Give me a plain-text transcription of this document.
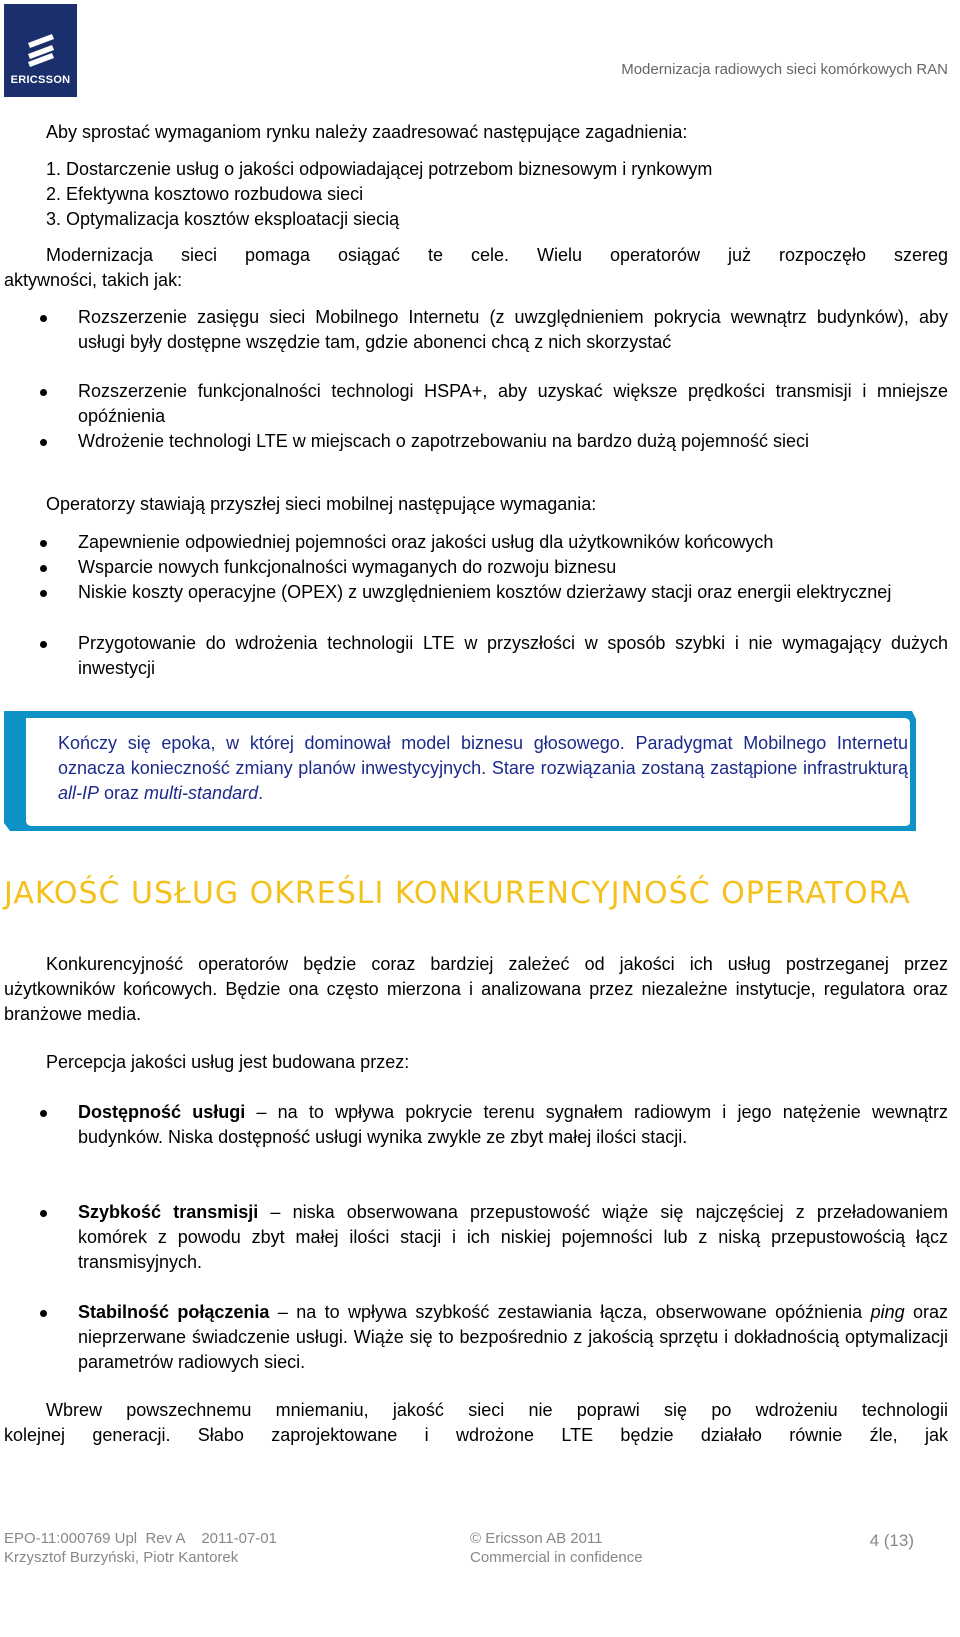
ERICSSON
Modernizacja radiowych sieci komórkowych RAN
Aby sprostać wymaganiom rynku należy zaadresować następujące zagadnienia:
1. Dostarczenie usług o jakości odpowiadającej potrzebom biznesowym i rynkowym
2. Efektywna kosztowo rozbudowa sieci
3. Optymalizacja kosztów eksploatacji siecią
Modernizacja sieci pomaga osiągać te cele. Wielu operatorów już rozpoczęło szereg
aktywności, takich jak:
Rozszerzenie zasięgu sieci Mobilnego Internetu (z uwzględnieniem pokrycia wewnątrz budynków), aby usługi były dostępne wszędzie tam, gdzie abonenci chcą z nich skorzystać
Rozszerzenie funkcjonalności technologi HSPA+, aby uzyskać większe prędkości transmisji i mniejsze opóźnienia
Wdrożenie technologi LTE w miejscach o zapotrzebowaniu na bardzo dużą pojemność sieci
Operatorzy stawiają przyszłej sieci mobilnej następujące wymagania:
Zapewnienie odpowiedniej pojemności oraz jakości usług dla użytkowników końcowych
Wsparcie nowych funkcjonalności wymaganych do rozwoju biznesu
Niskie koszty operacyjne (OPEX) z uwzględnieniem kosztów dzierżawy stacji oraz energii elektrycznej
Przygotowanie do wdrożenia technologii LTE w przyszłości w sposób szybki i nie wymagający dużych inwestycji
Kończy się epoka, w której dominował model biznesu głosowego. Paradygmat Mobilnego Internetu oznacza konieczność zmiany planów inwestycyjnych. Stare rozwiązania zostaną zastąpione infrastrukturą all-IP oraz multi-standard.
JAKOŚĆ USŁUG OKREŚLI KONKURENCYJNOŚĆ OPERATORA
Konkurencyjność operatorów będzie coraz bardziej zależeć od jakości ich usług postrzeganej przez użytkowników końcowych. Będzie ona często mierzona i analizowana przez niezależne instytucje, regulatora oraz branżowe media.
Percepcja jakości usług jest budowana przez:
Dostępność usługi – na to wpływa pokrycie terenu sygnałem radiowym i jego natężenie wewnątrz budynków. Niska dostępność usługi wynika zwykle ze zbyt małej ilości stacji.
Szybkość transmisji – niska obserwowana przepustowość wiąże się najczęściej z przeładowaniem komórek z powodu zbyt małej ilości stacji i ich niskiej pojemności lub z niską przepustowością łącz transmisyjnych.
Stabilność połączenia – na to wpływa szybkość zestawiania łącza, obserwowane opóźnienia ping oraz nieprzerwane świadczenie usługi. Wiąże się to bezpośrednio z jakością sprzętu i dokładnością optymalizacji parametrów radiowych sieci.
Wbrew powszechnemu mniemaniu, jakość sieci nie poprawi się po wdrożeniu technologii
kolejnej generacji. Słabo zaprojektowane i wdrożone LTE będzie działało równie źle, jak
EPO-11:000769 Upl  Rev A    2011-07-01
Krzysztof Burzyński, Piotr Kantorek
© Ericsson AB 2011
Commercial in confidence
4 (13)
